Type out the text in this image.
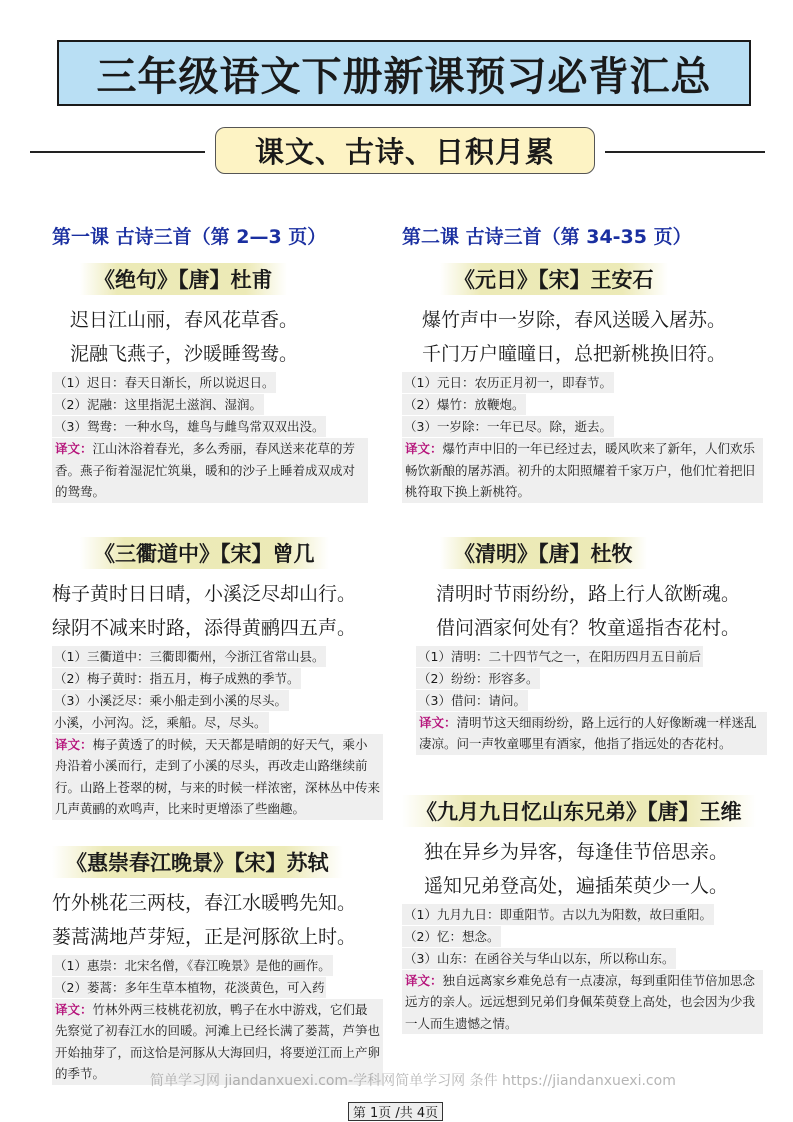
三年级语文下册新课预习必背汇总
课文、古诗、日积月累
第一课 古诗三首（第 2—3 页）
《绝句》【唐】杜甫
迟日江山丽，春风花草香。
泥融飞燕子，沙暖睡鸳鸯。
（1）迟日：春天日渐长，所以说迟日。
（2）泥融：这里指泥土滋润、湿润。
（3）鸳鸯：一种水鸟，雄鸟与雌鸟常双双出没。
译文：江山沐浴着春光，多么秀丽，春风送来花草的芳香。燕子衔着湿泥忙筑巢，暖和的沙子上睡着成双成对的鸳鸯。
《三衢道中》【宋】曾几
梅子黄时日日晴，小溪泛尽却山行。
绿阴不减来时路，添得黄鹂四五声。
（1）三衢道中：三衢即衢州，今浙江省常山县。
（2）梅子黄时：指五月，梅子成熟的季节。
（3）小溪泛尽：乘小船走到小溪的尽头。
小溪，小河沟。泛，乘船。尽，尽头。
译文：梅子黄透了的时候，天天都是晴朗的好天气，乘小舟沿着小溪而行，走到了小溪的尽头，再改走山路继续前行。山路上苍翠的树，与来的时候一样浓密，深林丛中传来几声黄鹂的欢鸣声，比来时更增添了些幽趣。
《惠崇春江晚景》【宋】苏轼
竹外桃花三两枝，春江水暖鸭先知。
蒌蒿满地芦芽短，正是河豚欲上时。
（1）惠崇：北宋名僧，《春江晚景》是他的画作。
（2）蒌蒿：多年生草本植物，花淡黄色，可入药
译文：竹林外两三枝桃花初放，鸭子在水中游戏，它们最先察觉了初春江水的回暖。河滩上已经长满了蒌蒿，芦笋也开始抽芽了，而这恰是河豚从大海回归，将要逆江而上产卵的季节。
第二课 古诗三首（第 34-35 页）
《元日》【宋】王安石
爆竹声中一岁除，春风送暖入屠苏。
千门万户曈曈日，总把新桃换旧符。
（1）元日：农历正月初一，即春节。
（2）爆竹：放鞭炮。
（3）一岁除：一年已尽。除，逝去。
译文：爆竹声中旧的一年已经过去，暖风吹来了新年，人们欢乐畅饮新酿的屠苏酒。初升的太阳照耀着千家万户，他们忙着把旧桃符取下换上新桃符。
《清明》【唐】杜牧
清明时节雨纷纷，路上行人欲断魂。
借问酒家何处有？牧童遥指杏花村。
（1）清明：二十四节气之一，在阳历四月五日前后
（2）纷纷：形容多。
（3）借问：请问。
译文：清明节这天细雨纷纷，路上远行的人好像断魂一样迷乱凄凉。问一声牧童哪里有酒家，他指了指远处的杏花村。
《九月九日忆山东兄弟》【唐】王维
独在异乡为异客，每逢佳节倍思亲。
遥知兄弟登高处，遍插茱萸少一人。
（1）九月九日：即重阳节。古以九为阳数，故曰重阳。
（2）忆：想念。
（3）山东：在函谷关与华山以东，所以称山东。
译文：独自远离家乡难免总有一点凄凉，每到重阳佳节倍加思念远方的亲人。远远想到兄弟们身佩茱萸登上高处，也会因为少我一人而生遗憾之情。
简单学习网 jiandanxuexi.com-学科网简单学习网 条件 https://jiandanxuexi.com
第 1页 /共 4页
